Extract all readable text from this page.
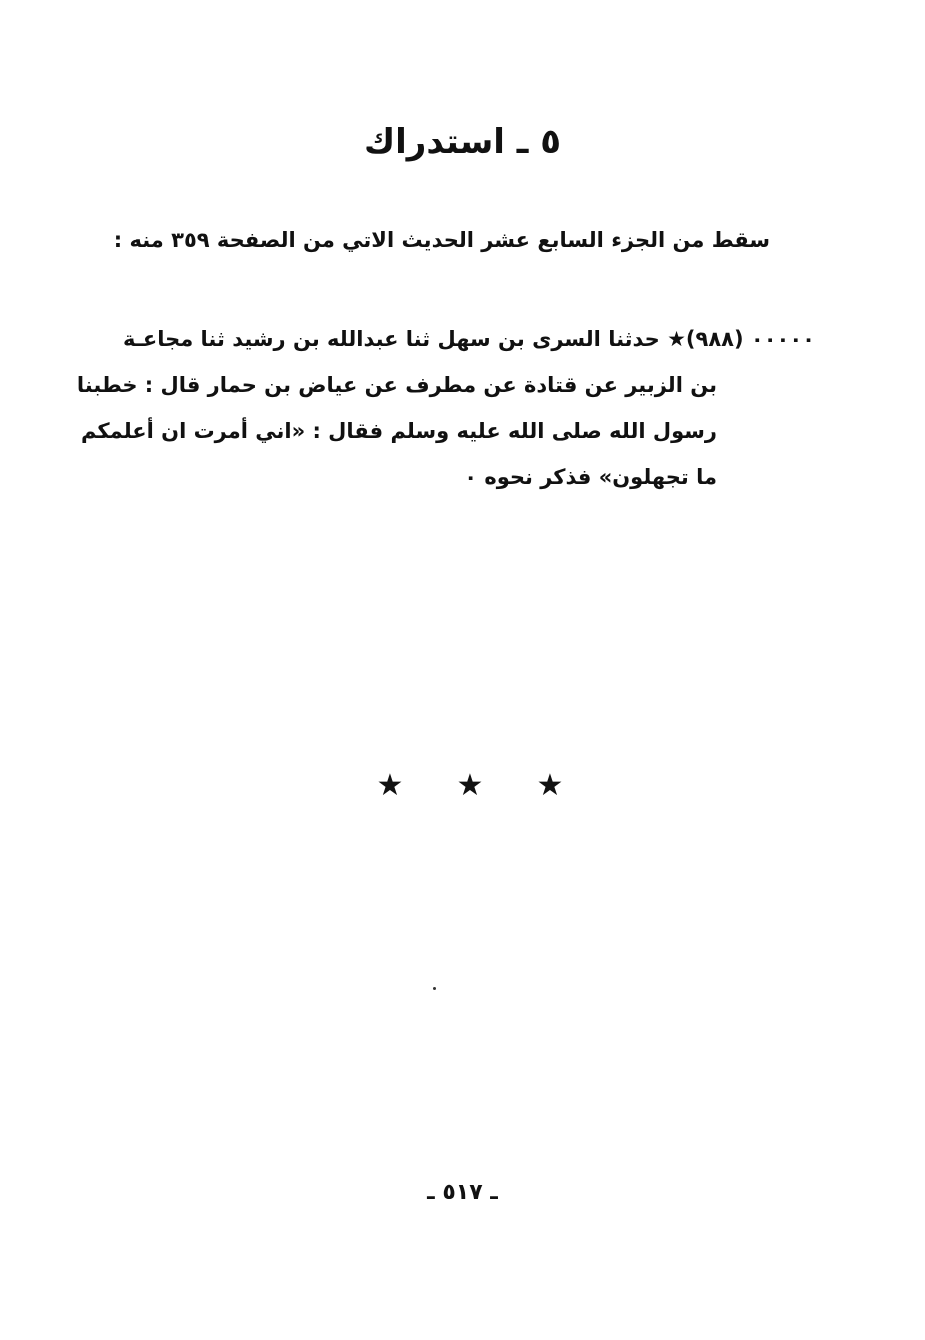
٥ ـ استدراك
سقط من الجزء السابع عشر الحديث الاتي من الصفحة ٣٥٩ منه :
٠٠٠٠٠ (٩٨٨)★ حدثنا السرى بن سهل ثنا عبدالله بن رشيد ثنا مجاعـة
بن الزبير عن قتادة عن مطرف عن عياض بن حمار قال : خطبنا
رسول الله صلى الله عليه وسلم فقال : «اني أمرت ان أعلمكم
ما تجهلون» فذكر نحوه ٠
★ ★ ★
ـ ٥١٧ ـ
